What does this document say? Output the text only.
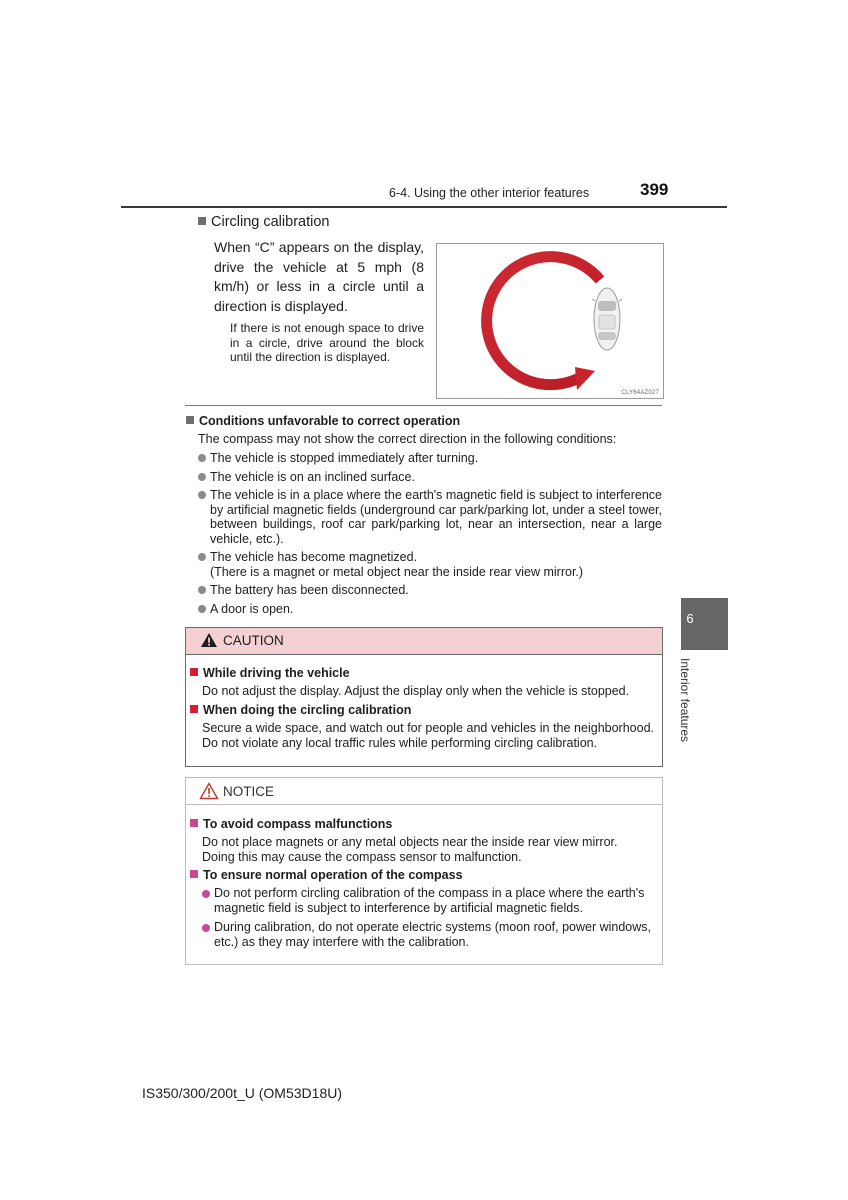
6-4. Using the other interior features	399
6
Interior features
Circling calibration
When “C” appears on the display, drive the vehicle at 5 mph (8 km/h) or less in a circle until a direction is displayed.
If there is not enough space to drive in a circle, drive around the block until the direction is displayed.
CLY64AZ027
Conditions unfavorable to correct operation
The compass may not show the correct direction in the following conditions:
The vehicle is stopped immediately after turning.
The vehicle is on an inclined surface.
The vehicle is in a place where the earth's magnetic field is subject to interference by artificial magnetic fields (underground car park/parking lot, under a steel tower, between buildings, roof car park/parking lot, near an intersection, near a large vehicle, etc.).
The vehicle has become magnetized.
(There is a magnet or metal object near the inside rear view mirror.)
The battery has been disconnected.
A door is open.
CAUTION
While driving the vehicle
Do not adjust the display. Adjust the display only when the vehicle is stopped.
When doing the circling calibration
Secure a wide space, and watch out for people and vehicles in the neighborhood. Do not violate any local traffic rules while performing circling calibration.
NOTICE
To avoid compass malfunctions
Do not place magnets or any metal objects near the inside rear view mirror.
Doing this may cause the compass sensor to malfunction.
To ensure normal operation of the compass
Do not perform circling calibration of the compass in a place where the earth's magnetic field is subject to interference by artificial magnetic fields.
During calibration, do not operate electric systems (moon roof, power windows, etc.) as they may interfere with the calibration.
IS350/300/200t_U (OM53D18U)
